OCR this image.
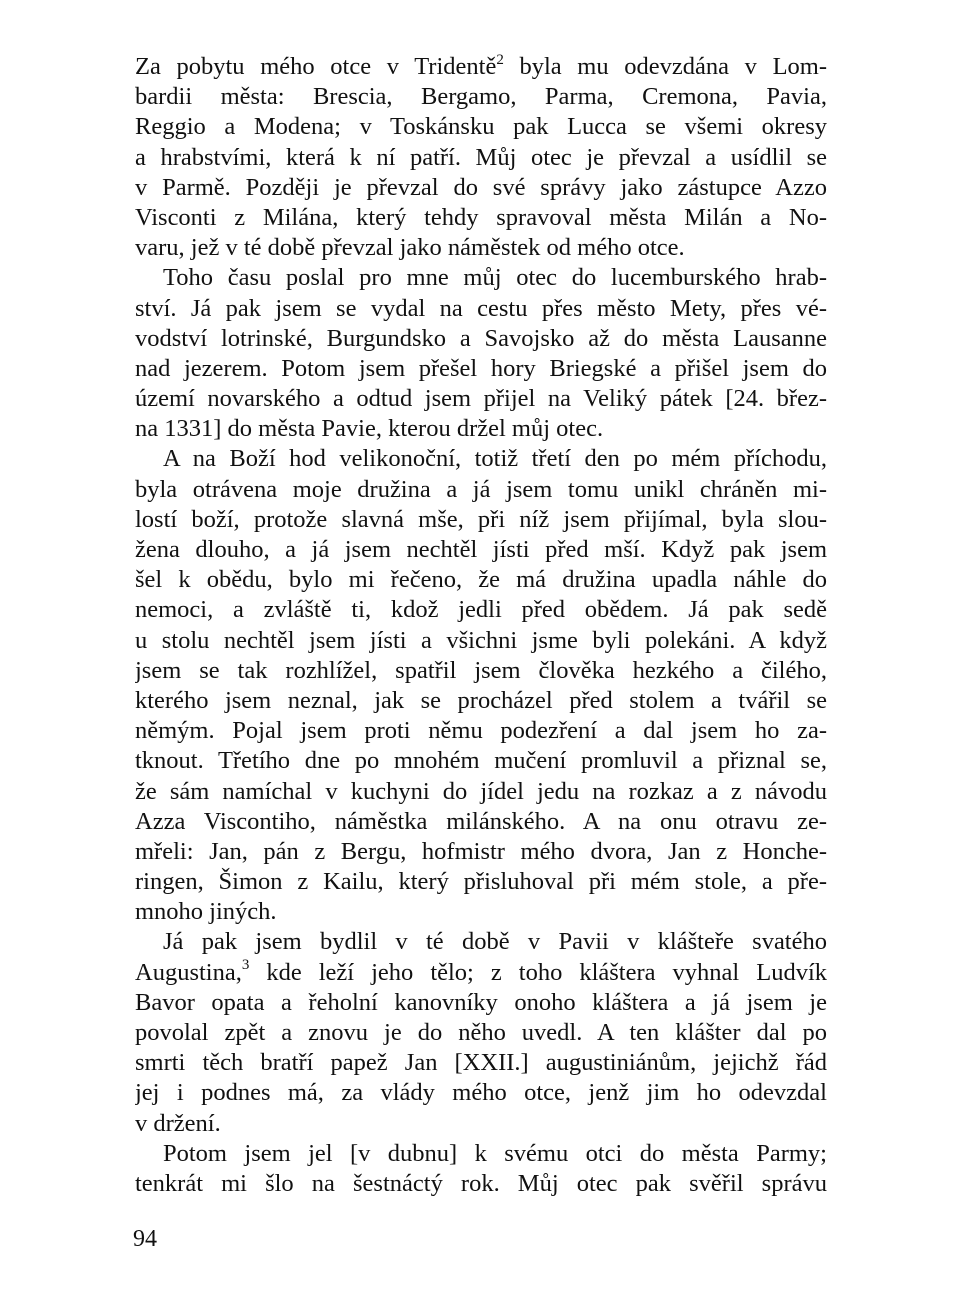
Za pobytu mého otce v Tridentě$^2$ byla mu odevzdána v Lom-
bardii města: Brescia, Bergamo, Parma, Cremona, Pavia,
Reggio a Modena; v Toskánsku pak Lucca se všemi okresy
a hrabstvími, která k ní patří. Můj otec je převzal a usídlil se
v Parmě. Později je převzal do své správy jako zástupce Azzo
Visconti z Milána, který tehdy spravoval města Milán a No-
varu, jež v té době převzal jako náměstek od mého otce.
Toho času poslal pro mne můj otec do lucemburského hrab-
ství. Já pak jsem se vydal na cestu přes město Mety, přes vé-
vodství lotrinské, Burgundsko a Savojsko až do města Lausanne
nad jezerem. Potom jsem přešel hory Briegské a přišel jsem do
území novarského a odtud jsem přijel na Veliký pátek [24. břez-
na 1331] do města Pavie, kterou držel můj otec.
A na Boží hod velikonoční, totiž třetí den po mém příchodu,
byla otrávena moje družina a já jsem tomu unikl chráněn mi-
lostí boží, protože slavná mše, při níž jsem přijímal, byla slou-
žena dlouho, a já jsem nechtěl jísti před mší. Když pak jsem
šel k obědu, bylo mi řečeno, že má družina upadla náhle do
nemoci, a zvláště ti, kdož jedli před obědem. Já pak sedě
u stolu nechtěl jsem jísti a všichni jsme byli polekáni. A když
jsem se tak rozhlížel, spatřil jsem člověka hezkého a čilého,
kterého jsem neznal, jak se procházel před stolem a tvářil se
němým. Pojal jsem proti němu podezření a dal jsem ho za-
tknout. Třetího dne po mnohém mučení promluvil a přiznal se,
že sám namíchal v kuchyni do jídel jedu na rozkaz a z návodu
Azza Viscontiho, náměstka milánského. A na onu otravu ze-
mřeli: Jan, pán z Bergu, hofmistr mého dvora, Jan z Honche-
ringen, Šimon z Kailu, který přisluhoval při mém stole, a pře-
mnoho jiných.
Já pak jsem bydlil v té době v Pavii v klášteře svatého
Augustina,$^3$ kde leží jeho tělo; z toho kláštera vyhnal Ludvík
Bavor opata a řeholní kanovníky onoho kláštera a já jsem je
povolal zpět a znovu je do něho uvedl. A ten klášter dal po
smrti těch bratří papež Jan [XXII.] augustiniánům, jejichž řád
jej i podnes má, za vlády mého otce, jenž jim ho odevzdal
v držení.
Potom jsem jel [v dubnu] k svému otci do města Parmy;
tenkrát mi šlo na šestnáctý rok. Můj otec pak svěřil správu
94
